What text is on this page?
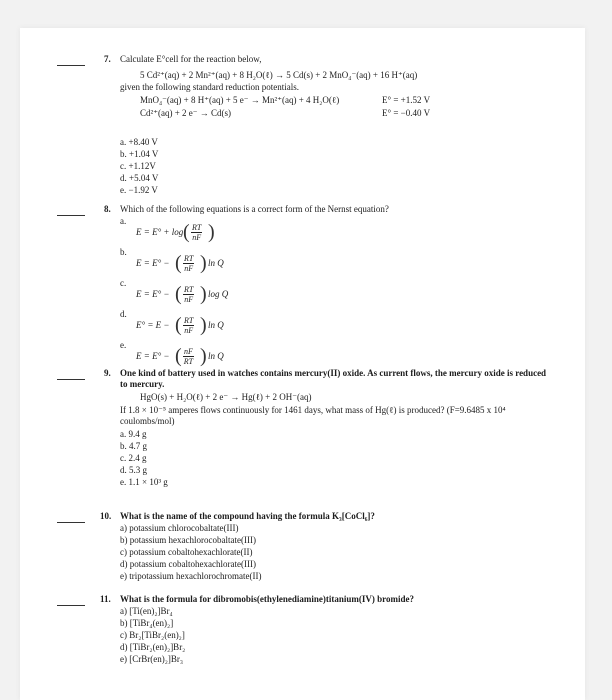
7. Calculate E°cell for the reaction below,
5 Cd²⁺(aq) + 2 Mn²⁺(aq) + 8 H₂O(ℓ) → 5 Cd(s) + 2 MnO₄⁻(aq) + 16 H⁺(aq)
given the following standard reduction potentials.
MnO₄⁻(aq) + 8 H⁺(aq) + 5 e⁻ → Mn²⁺(aq) + 4 H₂O(ℓ)	E° = +1.52 V
Cd²⁺(aq) + 2 e⁻ → Cd(s)	E° = −0.40 V
a. +8.40 V
b. +1.04 V
c. +1.12V
d. +5.04 V
e. −1.92 V
8. Which of the following equations is a correct form of the Nernst equation?
a.
E = E° + log ( $\frac{RT}{nF}$ )
b.
E = E° − ( $\frac{RT}{nF}$ ) ln Q
c.
E = E° − ( $\frac{RT}{nF}$ ) log Q
d.
E° = E − ( $\frac{RT}{nF}$ ) ln Q
e.
E = E° − ( $\frac{nF}{RT}$ ) ln Q
9. One kind of battery used in watches contains mercury(II) oxide. As current flows, the mercury oxide is reduced
to mercury.
HgO(s) + H₂O(ℓ) + 2 e⁻ → Hg(ℓ) + 2 OH⁻(aq)
If 1.8 × 10⁻⁵ amperes flows continuously for 1461 days, what mass of Hg(ℓ) is produced? (F=9.6485 x 10⁴
coulombs/mol)
a. 9.4 g
b. 4.7 g
c. 2.4 g
d. 5.3 g
e. 1.1 × 10³ g
10. What is the name of the compound having the formula K₃[CoCl₆]?
a) potassium chlorocobaltate(III)
b) potassium hexachlorocobaltate(III)
c) potassium cobaltohexachlorate(II)
d) potassium cobaltohexachlorate(III)
e) tripotassium hexachlorochromate(II)
11. What is the formula for dibromobis(ethylenediamine)titanium(IV) bromide?
a) [Ti(en)₂]Br₄
b) [TiBr₄(en)₂]
c) Br₂[TiBr₂(en)₂]
d) [TiBr₂(en)₂]Br₂
e) [CrBr(en)₂]Br₃
